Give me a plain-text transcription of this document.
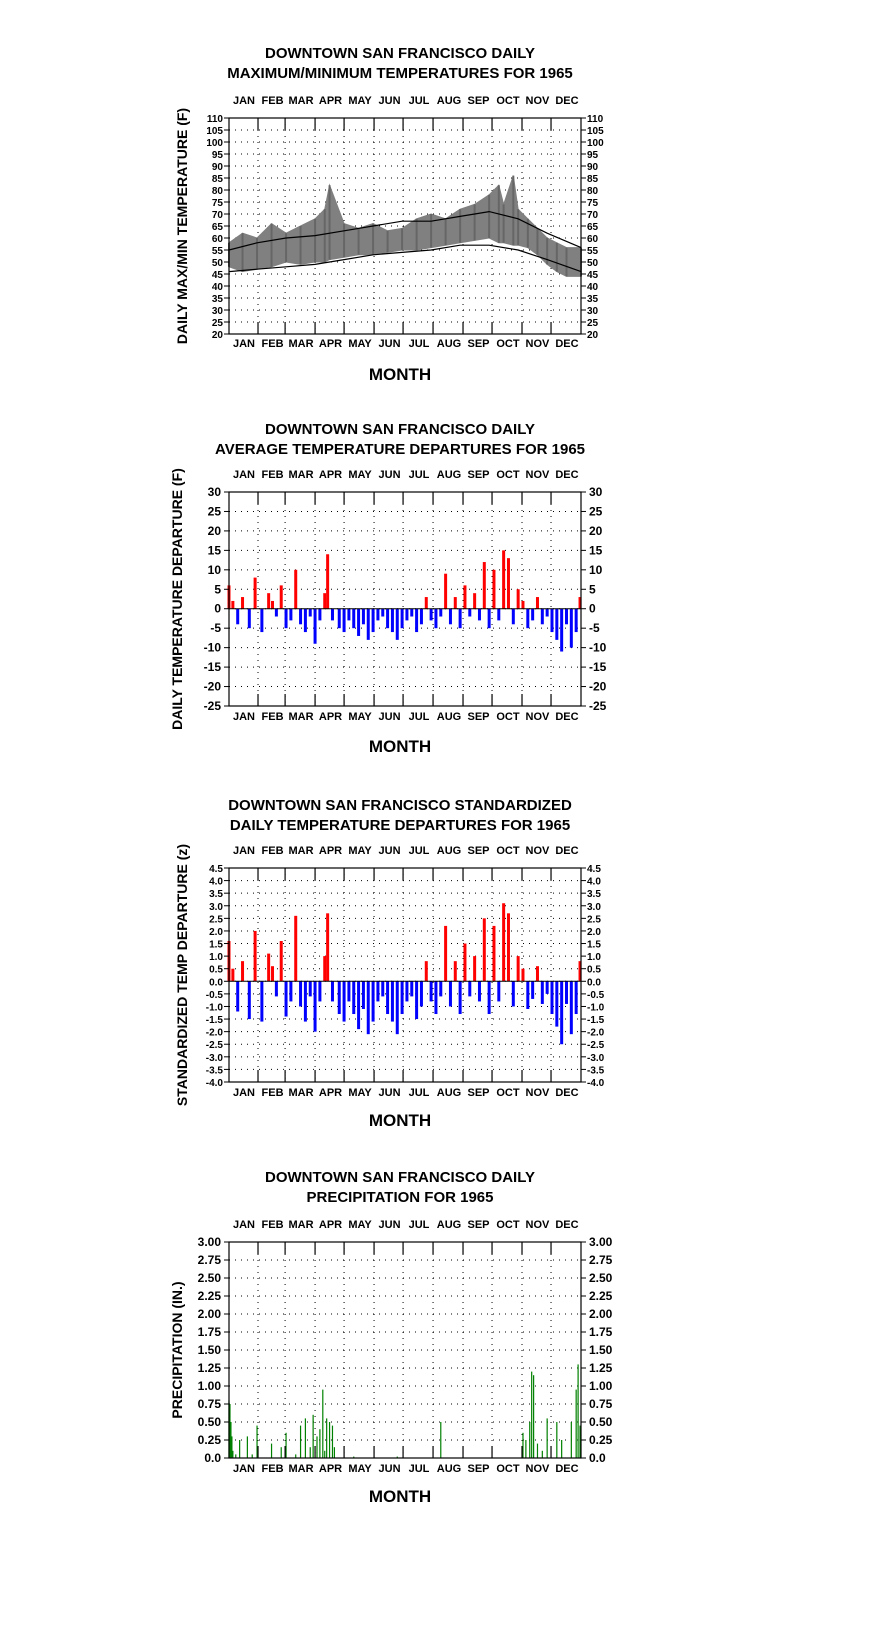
DOWNTOWN SAN FRANCISCO DAILY
MAXIMUM/MINIMUM TEMPERATURES FOR 1965
110	110
105	105
100	100
95	95
90	90
85	85
80	80
75	75
70	70
65	65
60	60
55	55
50	50
45	45
40	40
35	35
30	30
25	25
20	20
JAN
JAN
FEB
FEB
MAR
MAR
APR
APR
MAY
MAY
JUN
JUN
JUL
JUL
AUG
AUG
SEP
SEP
OCT
OCT
NOV
NOV
DEC
DEC
MONTH
DAILY MAX/MIN TEMPERATURE (F)
DOWNTOWN SAN FRANCISCO DAILY
AVERAGE TEMPERATURE DEPARTURES FOR 1965
30	30
25	25
20	20
15	15
10	10
5	5
0	0
-5	-5
-10	-10
-15	-15
-20	-20
-25	-25
JAN
JAN
FEB
FEB
MAR
MAR
APR
APR
MAY
MAY
JUN
JUN
JUL
JUL
AUG
AUG
SEP
SEP
OCT
OCT
NOV
NOV
DEC
DEC
MONTH
DAILY TEMPERATURE DEPARTURE (F)
DOWNTOWN SAN FRANCISCO STANDARDIZED
DAILY TEMPERATURE DEPARTURES FOR 1965
4.5	4.5
4.0	4.0
3.5	3.5
3.0	3.0
2.5	2.5
2.0	2.0
1.5	1.5
1.0	1.0
0.5	0.5
0.0	0.0
-0.5	-0.5
-1.0	-1.0
-1.5	-1.5
-2.0	-2.0
-2.5	-2.5
-3.0	-3.0
-3.5	-3.5
-4.0	-4.0
JAN
JAN
FEB
FEB
MAR
MAR
APR
APR
MAY
MAY
JUN
JUN
JUL
JUL
AUG
AUG
SEP
SEP
OCT
OCT
NOV
NOV
DEC
DEC
MONTH
STANDARDIZED TEMP DEPARTURE (z)
DOWNTOWN SAN FRANCISCO DAILY
PRECIPITATION FOR 1965
3.00	3.00
2.75	2.75
2.50	2.50
2.25	2.25
2.00	2.00
1.75	1.75
1.50	1.50
1.25	1.25
1.00	1.00
0.75	0.75
0.50	0.50
0.25	0.25
0.0	0.0
JAN
JAN
FEB
FEB
MAR
MAR
APR
APR
MAY
MAY
JUN
JUN
JUL
JUL
AUG
AUG
SEP
SEP
OCT
OCT
NOV
NOV
DEC
DEC
MONTH
PRECIPITATION (IN.)
